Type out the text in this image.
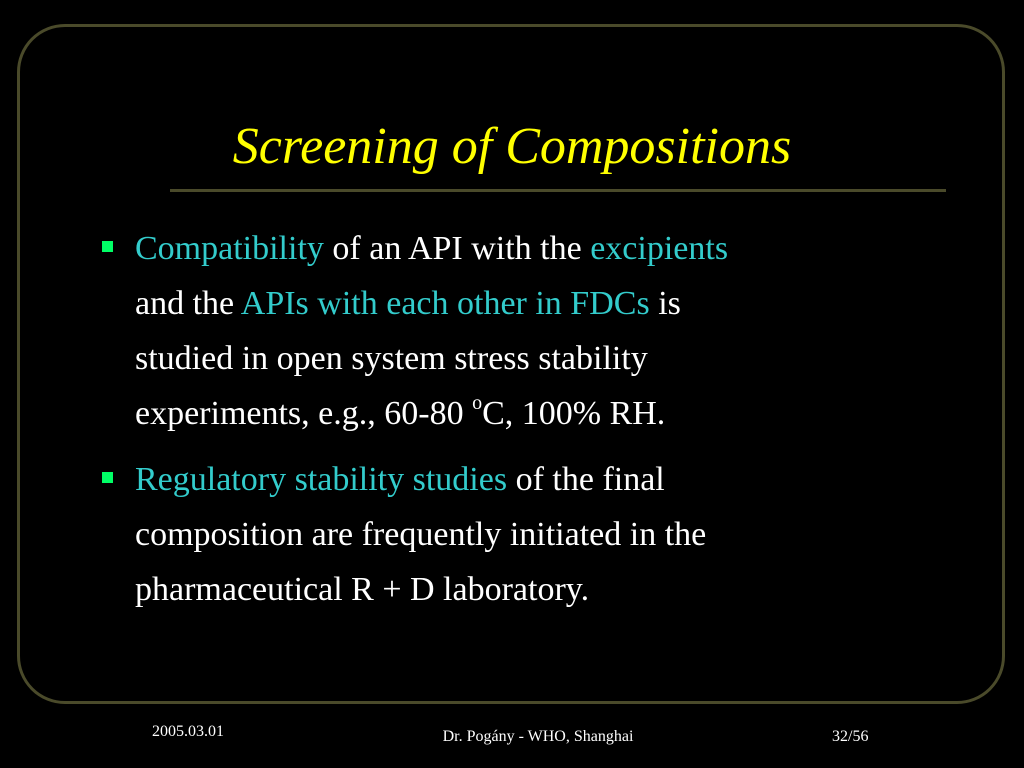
Screening of Compositions
Compatibility of an API with the excipients
and the APIs with each other in FDCs is
studied in open system stress stability
experiments, e.g., 60-80 $^o$C, 100% RH.
Regulatory stability studies of the final
composition are frequently initiated in the
pharmaceutical R + D laboratory.
2005.03.01	Dr. Pogány - WHO, Shanghai	32/56
